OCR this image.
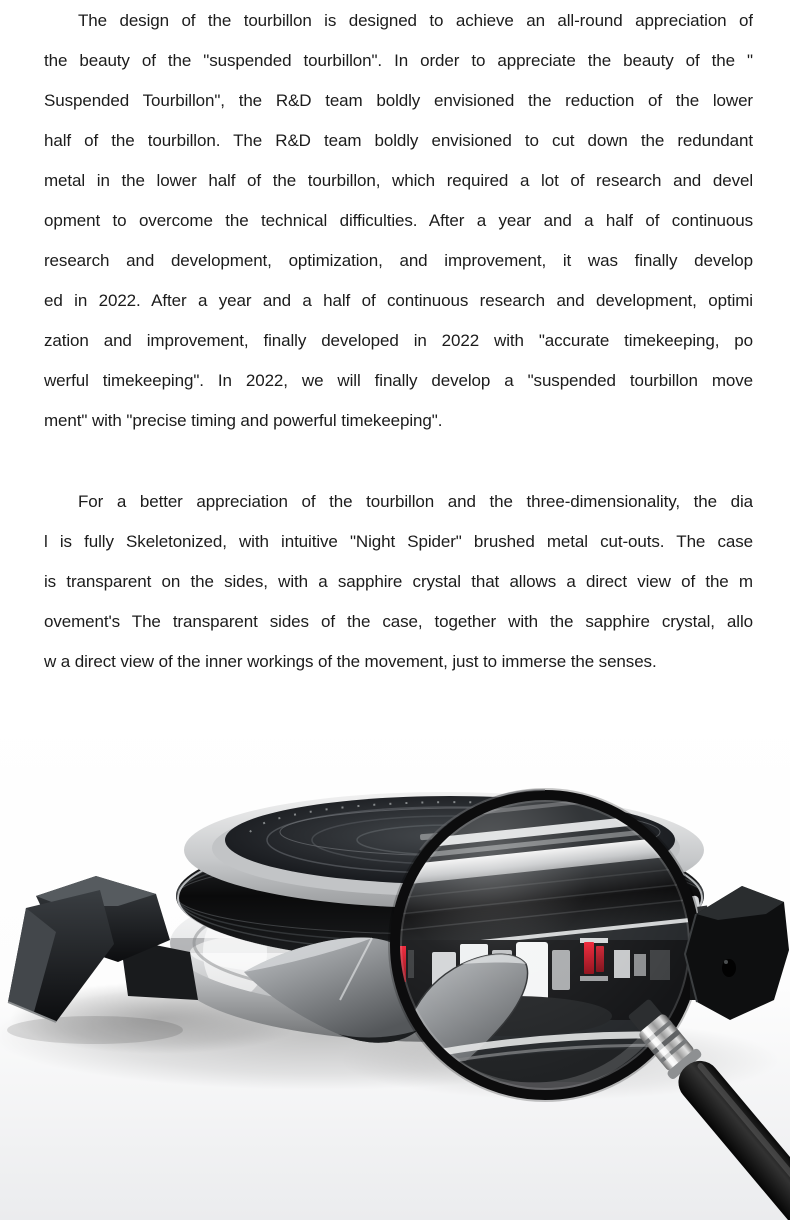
The design of the tourbillon is designed to achieve an all-round appreciation of
the beauty of the "suspended tourbillon". In order to appreciate the beauty of the "
Suspended Tourbillon", the R&D team boldly envisioned the reduction of the lower
half of the tourbillon. The R&D team boldly envisioned to cut down the redundant
metal in the lower half of the tourbillon, which required a lot of research and devel
opment to overcome the technical difficulties. After a year and a half of continuous
research and development, optimization, and improvement, it was finally develop
ed in 2022. After a year and a half of continuous research and development, optimi
zation and improvement, finally developed in 2022 with "accurate timekeeping, po
werful timekeeping". In 2022, we will finally develop a "suspended tourbillon move
ment" with "precise timing and powerful timekeeping".
For a better appreciation of the tourbillon and the three-dimensionality, the dia
l is fully Skeletonized, with intuitive "Night Spider" brushed metal cut-outs. The case
is transparent on the sides, with a sapphire crystal that allows a direct view of the m
ovement's The transparent sides of the case, together with the sapphire crystal, allo
w a direct view of the inner workings of the movement, just to immerse the senses.
